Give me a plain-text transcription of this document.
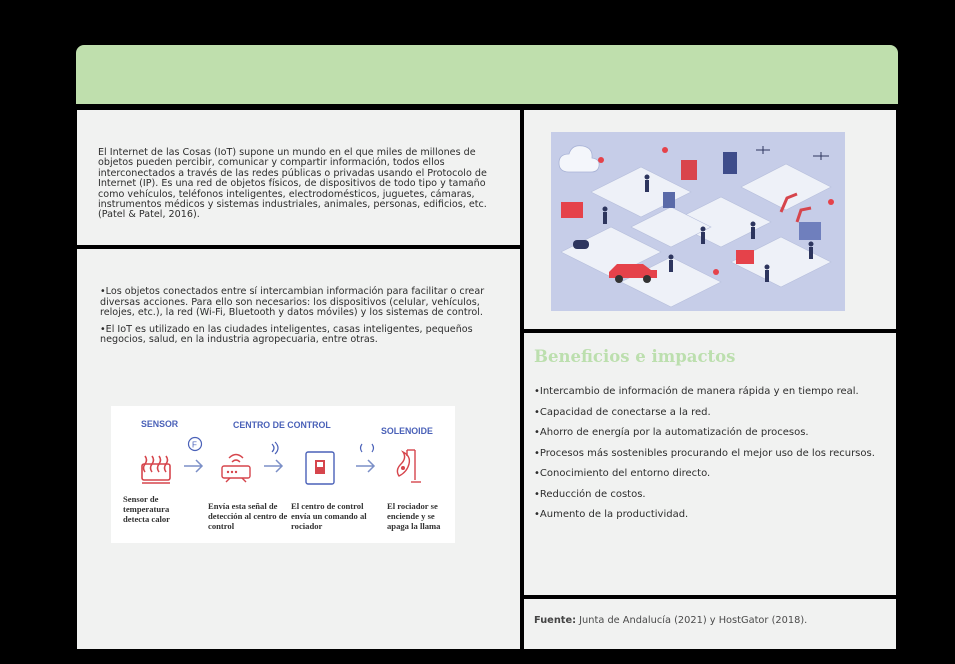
El Internet de las Cosas (IoT) supone un mundo en el que miles de millones de objetos pueden percibir, comunicar y compartir información, todos ellos interconectados a través de las redes públicas o privadas usando el Protocolo de Internet (IP). Es una red de objetos físicos, de dispositivos de todo tipo y tamaño como vehículos, teléfonos inteligentes, electrodomésticos, juguetes, cámaras, instrumentos médicos y sistemas industriales, animales, personas, edificios, etc. (Patel & Patel, 2016).

•Los objetos conectados entre sí intercambian información para facilitar o crear diversas acciones. Para ello son necesarios: los dispositivos (celular, vehículos, relojes, etc.), la red (Wi-Fi, Bluetooth y datos móviles) y los sistemas de control.

•El IoT es utilizado en las ciudades inteligentes, casas inteligentes, pequeños negocios, salud, en la industria agropecuaria, entre otras.

SENSOR	CENTRO DE CONTROL
SOLENOIDE
F
Sensor de temperatura detecta calor
Envía esta señal de detección al centro de control
El centro de control envía un comando al rociador
El rociador se enciende y se apaga la llama
Beneficios e impactos
•Intercambio de información de manera rápida y en tiempo real.
•Capacidad de conectarse a la red.
•Ahorro de energía por la automatización de procesos.
•Procesos más sostenibles procurando el mejor uso de los recursos.
•Conocimiento del entorno directo.
•Reducción de costos.
•Aumento de la productividad.
Fuente: Junta de Andalucía (2021) y HostGator (2018).
